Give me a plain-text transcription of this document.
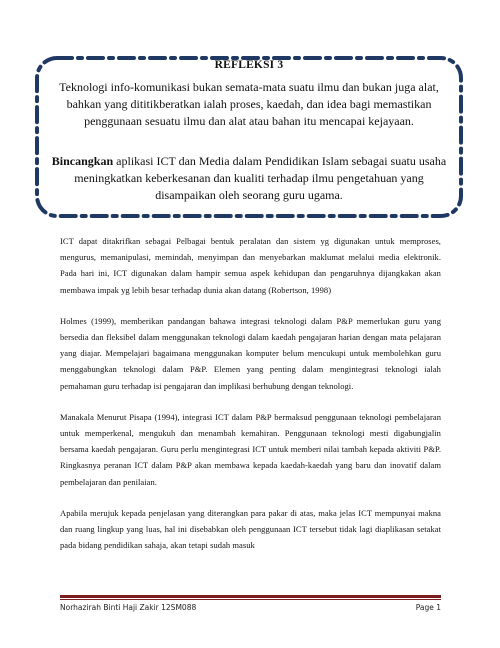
REFLEKSI 3

Teknologi info-komunikasi bukan semata-mata suatu ilmu dan bukan juga alat, bahkan yang dititikberatkan ialah proses, kaedah, dan idea bagi memastikan penggunaan sesuatu ilmu dan alat atau bahan itu mencapai kejayaan.

Bincangkan aplikasi ICT dan Media dalam Pendidikan Islam sebagai suatu usaha meningkatkan keberkesanan dan kualiti terhadap ilmu pengetahuan yang disampaikan oleh seorang guru ugama.

ICT dapat ditakrifkan sebagai Pelbagai bentuk peralatan dan sistem yg digunakan untuk memproses, mengurus, memanipulasi, memindah, menyimpan dan menyebarkan maklumat melalui media elektronik. Pada hari ini, ICT digunakan dalam hampir semua aspek kehidupan dan pengaruhnya dijangkakan akan membawa impak yg lebih besar terhadap dunia akan datang (Robertson, 1998)

Holmes (1999), memberikan pandangan bahawa integrasi teknologi dalam P&P memerlukan guru yang bersedia dan fleksibel dalam menggunakan teknologi dalam kaedah pengajaran harian dengan mata pelajaran yang diajar. Mempelajari bagaimana menggunakan komputer belum mencukupi untuk membolehkan guru menggabungkan teknologi dalam P&P. Elemen yang penting dalam mengintegrasi teknologi ialah pemahaman guru terhadap isi pengajaran dan implikasi berhubung dengan teknologi.

Manakala Menurut Pisapa (1994), integrasi ICT dalam P&P bermaksud penggunaan teknologi pembelajaran untuk memperkenal, mengukuh dan menambah kemahiran. Penggunaan teknologi mesti digabungjalin bersama kaedah pengajaran. Guru perlu mengintegrasi ICT untuk memberi nilai tambah kepada aktiviti P&P. Ringkasnya peranan ICT dalam P&P akan membawa kepada kaedah-kaedah yang baru dan inovatif dalam pembelajaran dan penilaian.

Apabila merujuk kepada penjelasan yang diterangkan para pakar di atas, maka jelas ICT mempunyai makna dan ruang lingkup yang luas, hal ini disebabkan oleh penggunaan ICT tersebut tidak lagi diaplikasan setakat pada bidang pendidikan sahaja, akan tetapi sudah masuk

Norhazirah Binti Haji Zakir 12SM088	Page 1
